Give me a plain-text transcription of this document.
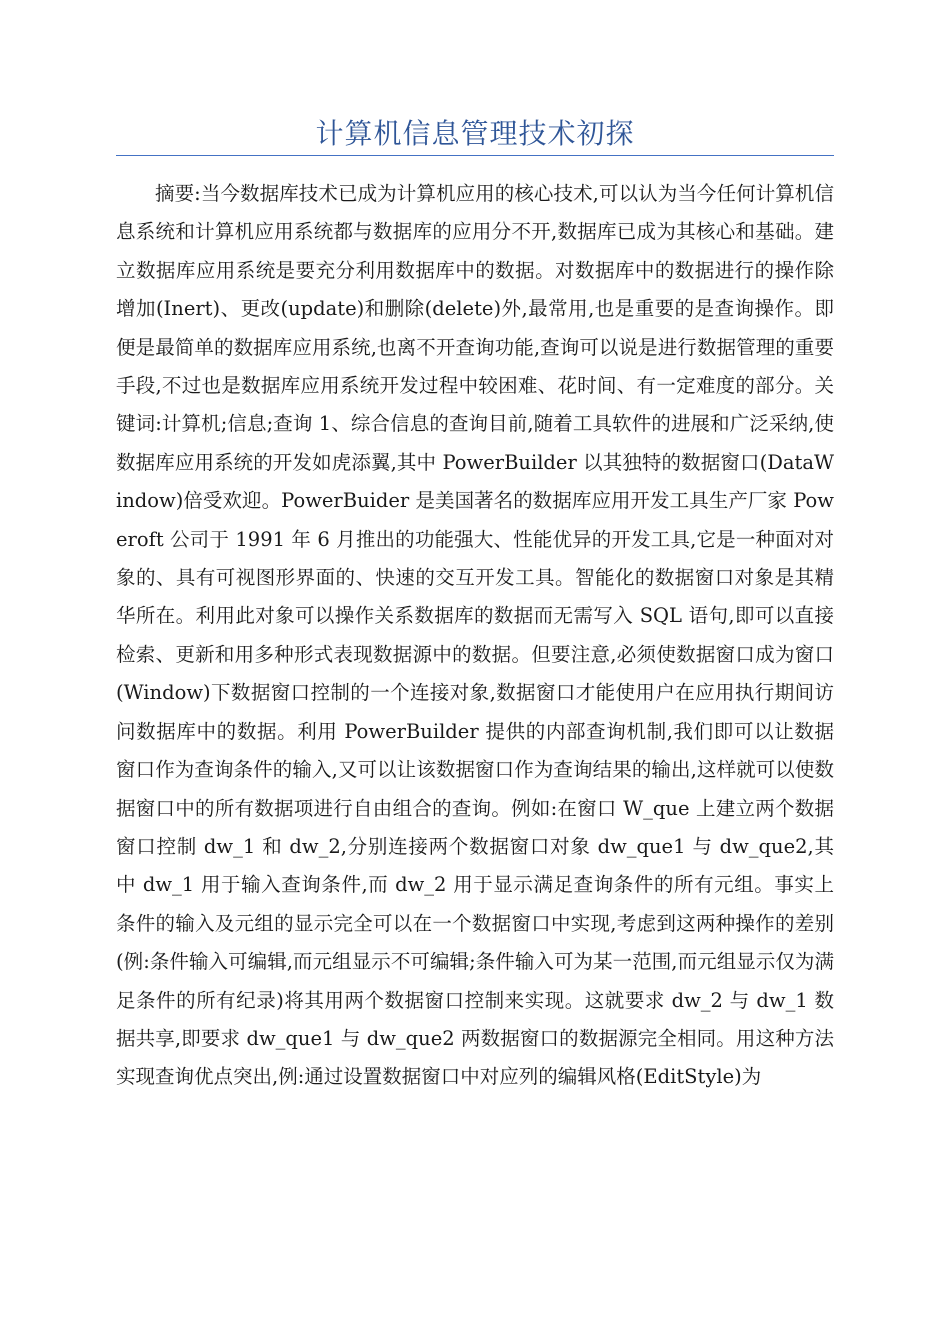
计算机信息管理技术初探

摘要:当今数据库技术已成为计算机应用的核心技术,可以认为当今任何计算机信息系统和计算机应用系统都与数据库的应用分不开,数据库已成为其核心和基础。建立数据库应用系统是要充分利用数据库中的数据。对数据库中的数据进行的操作除增加(Inert)、更改(update)和删除(delete)外,最常用,也是重要的是查询操作。即便是最简单的数据库应用系统,也离不开查询功能,查询可以说是进行数据管理的重要手段,不过也是数据库应用系统开发过程中较困难、花时间、有一定难度的部分。关键词:计算机;信息;查询 1、综合信息的查询目前,随着工具软件的进展和广泛采纳,使数据库应用系统的开发如虎添翼,其中 PowerBuilder 以其独特的数据窗口(DataWindow)倍受欢迎。PowerBuider 是美国著名的数据库应用开发工具生产厂家 Poweroft 公司于 1991 年 6 月推出的功能强大、性能优异的开发工具,它是一种面对对象的、具有可视图形界面的、快速的交互开发工具。智能化的数据窗口对象是其精华所在。利用此对象可以操作关系数据库的数据而无需写入 SQL 语句,即可以直接检索、更新和用多种形式表现数据源中的数据。但要注意,必须使数据窗口成为窗口(Window)下数据窗口控制的一个连接对象,数据窗口才能使用户在应用执行期间访问数据库中的数据。利用 PowerBuilder 提供的内部查询机制,我们即可以让数据窗口作为查询条件的输入,又可以让该数据窗口作为查询结果的输出,这样就可以使数据窗口中的所有数据项进行自由组合的查询。例如:在窗口 W_que 上建立两个数据窗口控制 dw_1 和 dw_2,分别连接两个数据窗口对象 dw_que1 与 dw_que2,其中 dw_1 用于输入查询条件,而 dw_2 用于显示满足查询条件的所有元组。事实上条件的输入及元组的显示完全可以在一个数据窗口中实现,考虑到这两种操作的差别(例:条件输入可编辑,而元组显示不可编辑;条件输入可为某一范围,而元组显示仅为满足条件的所有纪录)将其用两个数据窗口控制来实现。这就要求 dw_2 与 dw_1 数据共享,即要求 dw_que1 与 dw_que2 两数据窗口的数据源完全相同。用这种方法实现查询优点突出,例:通过设置数据窗口中对应列的编辑风格(EditStyle)为
